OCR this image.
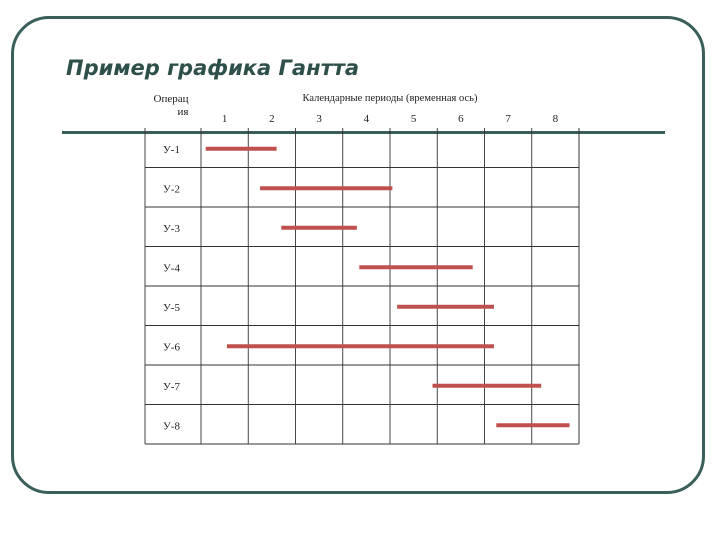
Пример графика Гантта
Операц
ия
Календарные периоды (временная ось)
1	2	3	4	5	6	7	8
У-1
У-2
У-3
У-4
У-5
У-6
У-7
У-8
